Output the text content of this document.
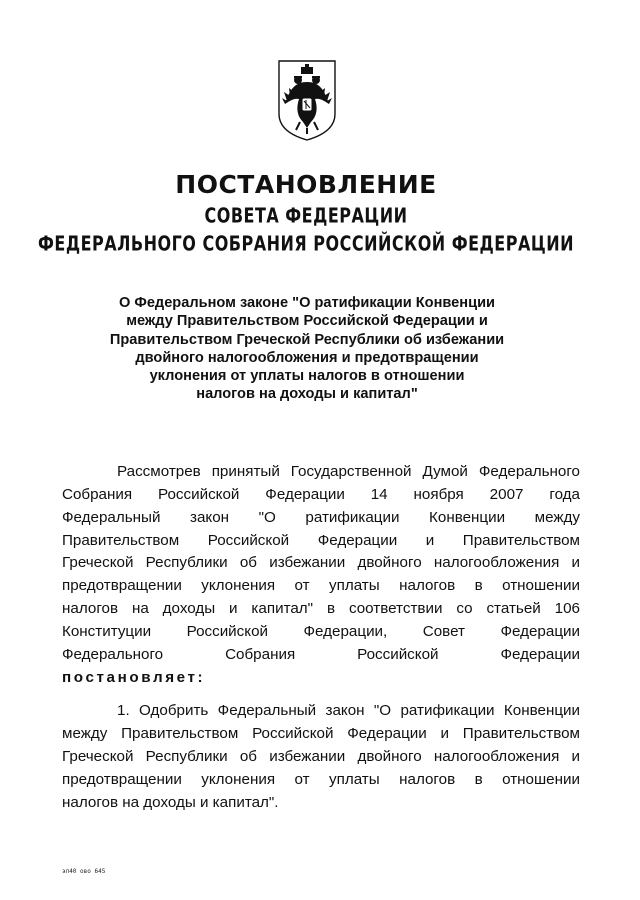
ПОСТАНОВЛЕНИЕ
СОВЕТА ФЕДЕРАЦИИ
ФЕДЕРАЛЬНОГО СОБРАНИЯ РОССИЙСКОЙ ФЕДЕРАЦИИ

О Федеральном законе "О ратификации Конвенции
между Правительством Российской Федерации и
Правительством Греческой Республики об избежании
двойного налогообложения и предотвращении
уклонения от уплаты налогов в отношении
налогов на доходы и капитал"

Рассмотрев принятый Государственной Думой Федерального
Собрания Российской Федерации 14 ноября 2007 года
Федеральный закон "О ратификации Конвенции между
Правительством Российской Федерации и Правительством
Греческой Республики об избежании двойного налогообложения и
предотвращении уклонения от уплаты налогов в отношении
налогов на доходы и капитал" в соответствии со статьей 106
Конституции Российской Федерации, Совет Федерации
Федерального Собрания Российской Федерации
постановляет:
1. Одобрить Федеральный закон "О ратификации Конвенции
между Правительством Российской Федерации и Правительством
Греческой Республики об избежании двойного налогообложения и
предотвращении уклонения от уплаты налогов в отношении
налогов на доходы и капитал".
эл40 ово 645
